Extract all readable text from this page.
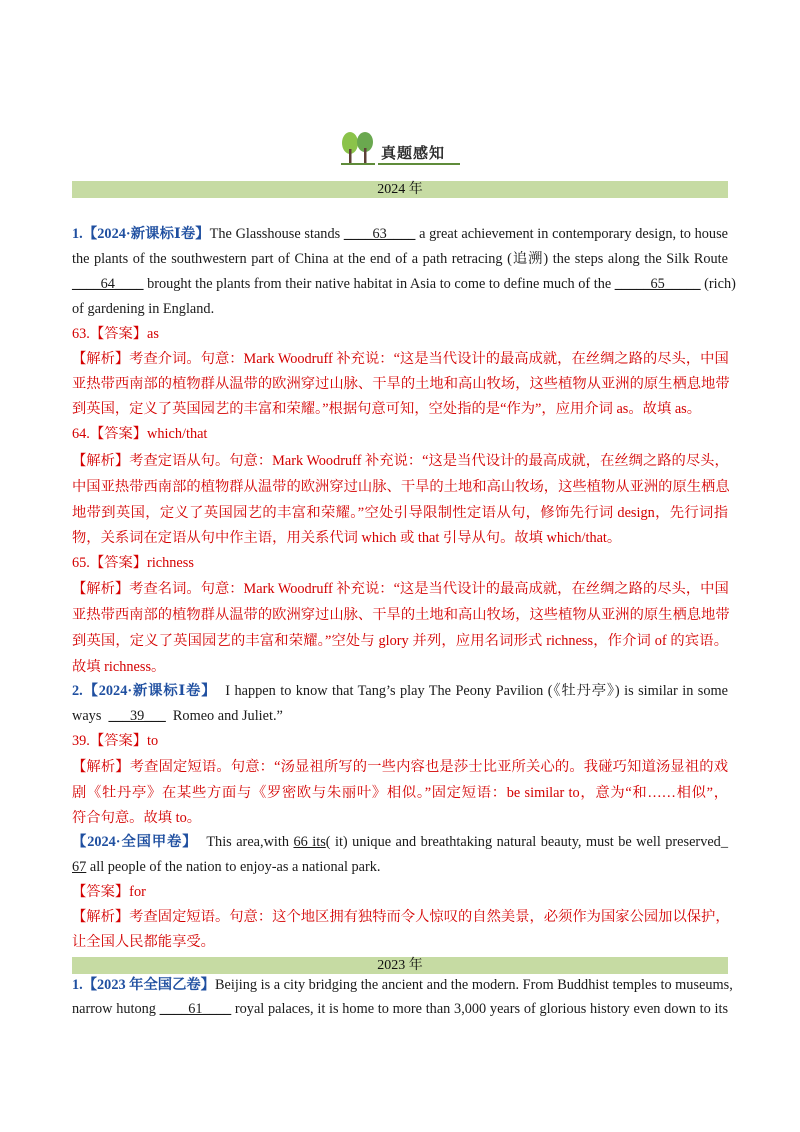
真题感知
2024 年
1.【2024·新课标Ⅰ卷】The Glasshouse stands ____63____ a great achievement in contemporary design, to house
the plants of the southwestern part of China at the end of a path retracing (追溯) the steps along the Silk Route
____64____ brought the plants from their native habitat in Asia to come to define much of the _____65_____ (rich)
of gardening in England.
63.【答案】as
【解析】考查介词。句意：Mark Woodruff 补充说：“这是当代设计的最高成就，在丝绸之路的尽头，中国
亚热带西南部的植物群从温带的欧洲穿过山脉、干旱的土地和高山牧场，这些植物从亚洲的原生栖息地带
到英国，定义了英国园艺的丰富和荣耀。”根据句意可知，空处指的是“作为”，应用介词 as。故填 as。
64.【答案】which/that
【解析】考查定语从句。句意：Mark Woodruff 补充说：“这是当代设计的最高成就，在丝绸之路的尽头，
中国亚热带西南部的植物群从温带的欧洲穿过山脉、干旱的土地和高山牧场，这些植物从亚洲的原生栖息
地带到英国，定义了英国园艺的丰富和荣耀。”空处引导限制性定语从句，修饰先行词 design，先行词指
物，关系词在定语从句中作主语，用关系代词 which 或 that 引导从句。故填 which/that。
65.【答案】richness
【解析】考查名词。句意：Mark Woodruff 补充说：“这是当代设计的最高成就，在丝绸之路的尽头，中国
亚热带西南部的植物群从温带的欧洲穿过山脉、干旱的土地和高山牧场，这些植物从亚洲的原生栖息地带
到英国，定义了英国园艺的丰富和荣耀。”空处与 glory 并列，应用名词形式 richness，作介词 of 的宾语。
故填 richness。
2.【2024·新课标Ⅰ卷】 I happen to know that Tang’s play The Peony Pavilion (《牡丹亭》) is similar in some
ways ___39___ Romeo and Juliet.”
39.【答案】to
【解析】考查固定短语。句意：“汤显祖所写的一些内容也是莎士比亚所关心的。我碰巧知道汤显祖的戏
剧《牡丹亭》在某些方面与《罗密欧与朱丽叶》相似。”固定短语：be similar to，意为“和……相似”，
符合句意。故填 to。
【2024·全国甲卷】 This area,with 66 its( it) unique and breathtaking natural beauty, must be well preserved_
67 all people of the nation to enjoy-as a national park.
【答案】for
【解析】考查固定短语。句意：这个地区拥有独特而令人惊叹的自然美景，必须作为国家公园加以保护，
让全国人民都能享受。
2023 年
1.【2023 年全国乙卷】Beijing is a city bridging the ancient and the modern. From Buddhist temples to museums,
narrow hutong ____61____ royal palaces, it is home to more than 3,000 years of glorious history even down to its
